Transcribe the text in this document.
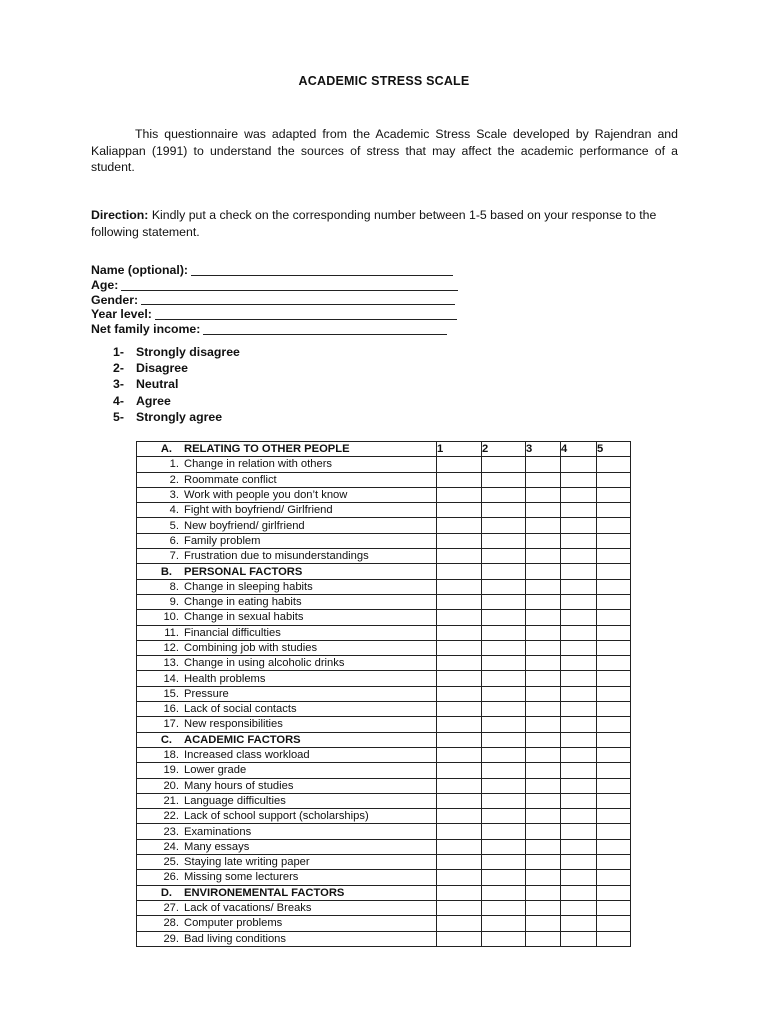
ACADEMIC STRESS SCALE
This questionnaire was adapted from the Academic Stress Scale developed by Rajendran and Kaliappan (1991) to understand the sources of stress that may affect the academic performance of a student.
Direction: Kindly put a check on the corresponding number between 1-5 based on your response to the following statement.
Name (optional):
Age:
Gender:
Year level:
Net family income:
1- Strongly disagree
2- Disagree
3- Neutral
4- Agree
5- Strongly agree
A. RELATING TO OTHER PEOPLE	1	2	3	4	5

1. Change in relation with others					

2. Roommate conflict					

3. Work with people you don’t know					

4. Fight with boyfriend/ Girlfriend					

5. New boyfriend/ girlfriend					

6. Family problem					

7. Frustration due to misunderstandings					

B. PERSONAL FACTORS					

8. Change in sleeping habits					

9. Change in eating habits					

10. Change in sexual habits					

11. Financial difficulties					

12. Combining job with studies					

13. Change in using alcoholic drinks					

14. Health problems					

15. Pressure					

16. Lack of social contacts					

17. New responsibilities					

C. ACADEMIC FACTORS					

18. Increased class workload					

19. Lower grade					

20. Many hours of studies					

21. Language difficulties					

22. Lack of school support (scholarships)					

23. Examinations					

24. Many essays					

25. Staying late writing paper					

26. Missing some lecturers					

D. ENVIRONEMENTAL FACTORS					

27. Lack of vacations/ Breaks					

28. Computer problems					

29. Bad living conditions					
